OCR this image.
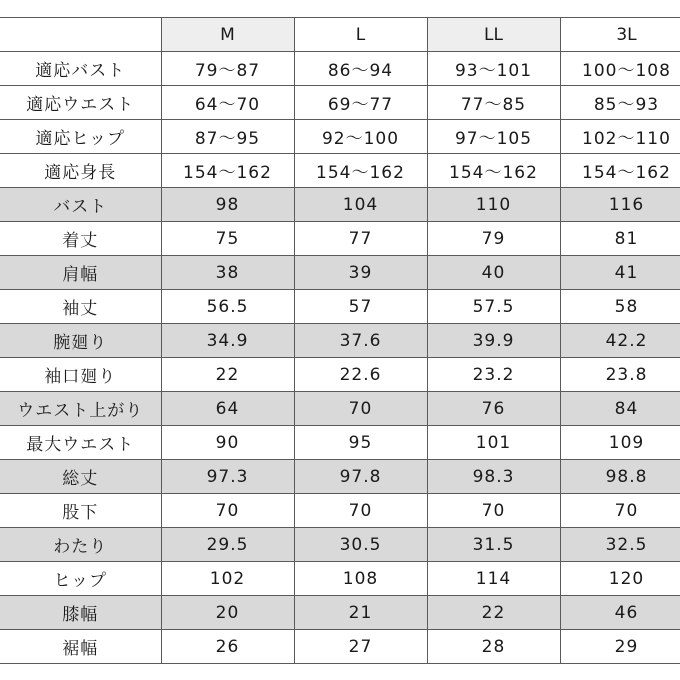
	M	L	LL	3L
適応バスト	79～87	86～94	93～101	100～108
適応ウエスト	64～70	69～77	77～85	85～93
適応ヒップ	87～95	92～100	97～105	102～110
適応身長	154～162	154～162	154～162	154～162
バスト	98	104	110	116
着丈	75	77	79	81
肩幅	38	39	40	41
袖丈	56.5	57	57.5	58
腕廻り	34.9	37.6	39.9	42.2
袖口廻り	22	22.6	23.2	23.8
ウエスト上がり	64	70	76	84
最大ウエスト	90	95	101	109
総丈	97.3	97.8	98.3	98.8
股下	70	70	70	70
わたり	29.5	30.5	31.5	32.5
ヒップ	102	108	114	120
膝幅	20	21	22	46
裾幅	26	27	28	29
